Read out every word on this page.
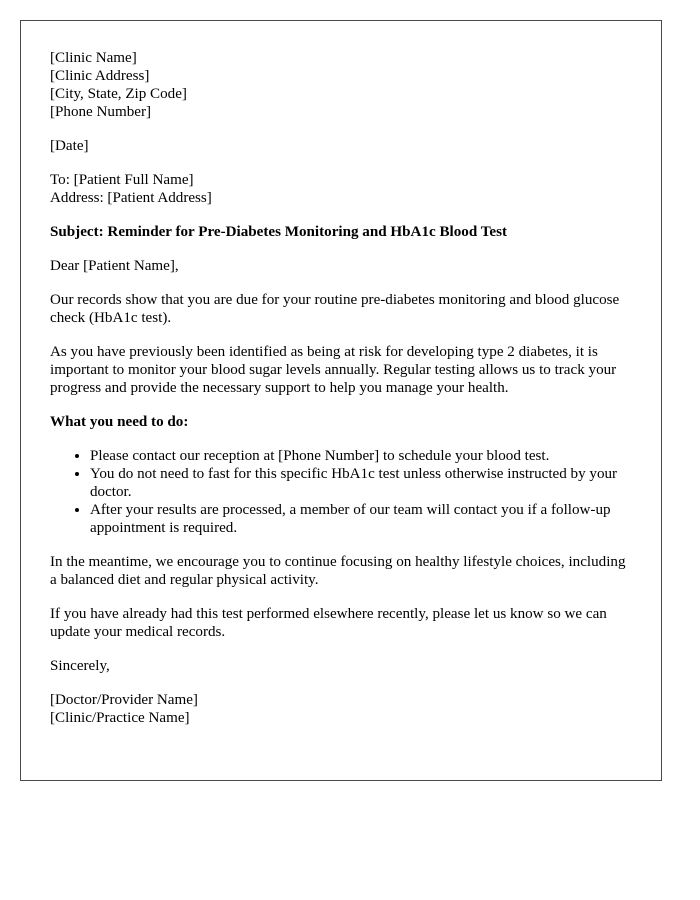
[Clinic Name]
[Clinic Address]
[City, State, Zip Code]
[Phone Number]

[Date]

To: [Patient Full Name]
Address: [Patient Address]

Subject: Reminder for Pre-Diabetes Monitoring and HbA1c Blood Test

Dear [Patient Name],

Our records show that you are due for your routine pre-diabetes monitoring and blood glucose check (HbA1c test).

As you have previously been identified as being at risk for developing type 2 diabetes, it is important to monitor your blood sugar levels annually. Regular testing allows us to track your progress and provide the necessary support to help you manage your health.

What you need to do:

• Please contact our reception at [Phone Number] to schedule your blood test.
• You do not need to fast for this specific HbA1c test unless otherwise instructed by your doctor.
• After your results are processed, a member of our team will contact you if a follow-up appointment is required.

In the meantime, we encourage you to continue focusing on healthy lifestyle choices, including a balanced diet and regular physical activity.

If you have already had this test performed elsewhere recently, please let us know so we can update your medical records.

Sincerely,

[Doctor/Provider Name]
[Clinic/Practice Name]
